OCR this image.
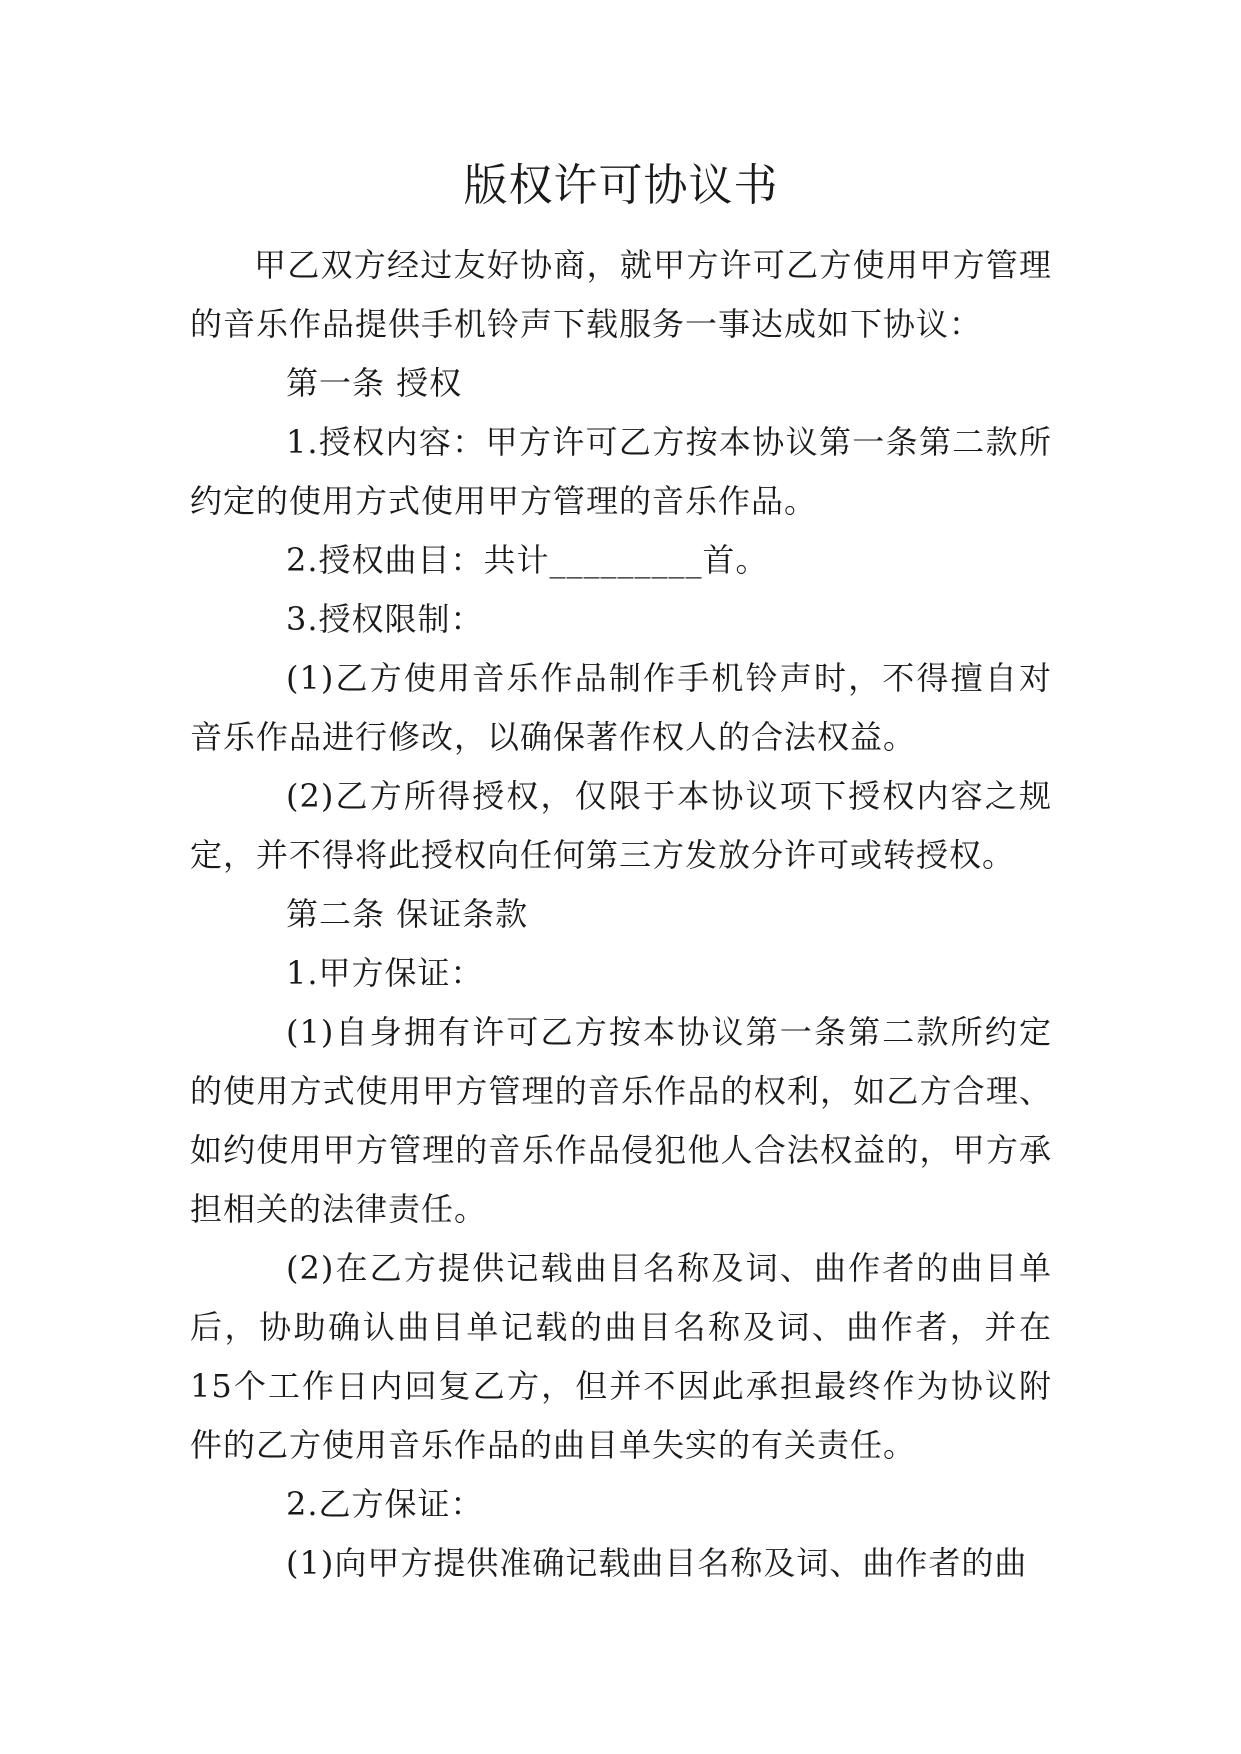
版权许可协议书

甲乙双方经过友好协商，就甲方许可乙方使用甲方管理的音乐作品提供手机铃声下载服务一事达成如下协议：

第一条 授权

1.授权内容：甲方许可乙方按本协议第一条第二款所约定的使用方式使用甲方管理的音乐作品。

2.授权曲目：共计_________首。

3.授权限制：

(1)乙方使用音乐作品制作手机铃声时，不得擅自对音乐作品进行修改，以确保著作权人的合法权益。

(2)乙方所得授权，仅限于本协议项下授权内容之规定，并不得将此授权向任何第三方发放分许可或转授权。

第二条 保证条款

1.甲方保证：

(1)自身拥有许可乙方按本协议第一条第二款所约定的使用方式使用甲方管理的音乐作品的权利，如乙方合理、如约使用甲方管理的音乐作品侵犯他人合法权益的，甲方承担相关的法律责任。

(2)在乙方提供记载曲目名称及词、曲作者的曲目单后，协助确认曲目单记载的曲目名称及词、曲作者，并在15个工作日内回复乙方，但并不因此承担最终作为协议附件的乙方使用音乐作品的曲目单失实的有关责任。

2.乙方保证：

(1)向甲方提供准确记载曲目名称及词、曲作者的曲
